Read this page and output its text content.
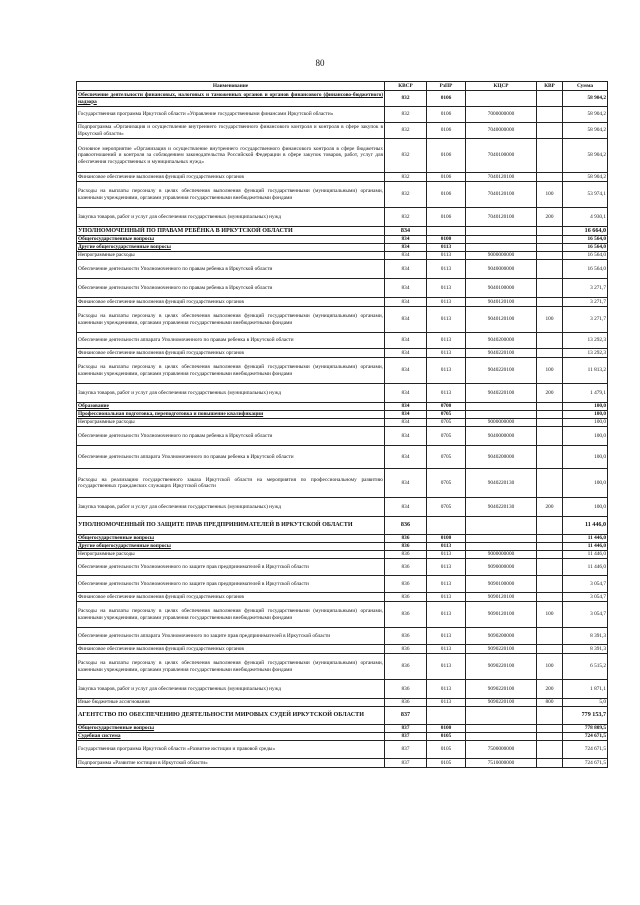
80
Наименование	КВСР	РзПР	КЦСР	КВР	Сумма
Обеспечение деятельности финансовых, налоговых и таможенных органов и органов финансового (финансово-бюджетного) надзора	832	0106			58 904,2
Государственная программа Иркутской области «Управление государственными финансами Иркутской области»	832	0106	7000000000		58 904,2
Подпрограмма «Организация и осуществление внутреннего государственного финансового контроля и контроля в сфере закупок в Иркутской области»	832	0106	7040000000		58 904,2
Основное мероприятие «Организация и осуществление внутреннего государственного финансового контроля в сфере бюджетных правоотношений и контроля за соблюдением законодательства Российской Федерации в сфере закупок товаров, работ, услуг для обеспечения государственных и муниципальных нужд»	832	0106	7040100000		58 904,2
Финансовое обеспечение выполнения функций государственных органов	832	0106	7040120100		58 904,2
Расходы на выплаты персоналу в целях обеспечения выполнения функций государственными (муниципальными) органами, казенными учреждениями, органами управления государственными внебюджетными фондами	832	0106	7040120100	100	53 974,1
Закупка товаров, работ и услуг для обеспечения государственных (муниципальных) нужд	832	0106	7040120100	200	4 930,1
УПОЛНОМОЧЕННЫЙ ПО ПРАВАМ РЕБЁНКА В ИРКУТСКОЙ ОБЛАСТИ	834				16 664,0
Общегосударственные вопросы	834	0100			16 564,0
Другие общегосударственные вопросы	834	0113			16 564,0
Непрограммные расходы	834	0113	9000000000		16 564,0
Обеспечение деятельности Уполномоченного по правам ребенка в Иркутской области	834	0113	9040000000		16 564,0
Обеспечение деятельности Уполномоченного по правам ребенка в Иркутской области	834	0113	9040100000		3 271,7
Финансовое обеспечение выполнения функций государственных органов	834	0113	9040120100		3 271,7
Расходы на выплаты персоналу в целях обеспечения выполнения функций государственными (муниципальными) органами, казенными учреждениями, органами управления государственными внебюджетными фондами	834	0113	9040120100	100	3 271,7
Обеспечение деятельности аппарата Уполномоченного по правам ребенка в Иркутской области	834	0113	9040200000		13 292,3
Финансовое обеспечение выполнения функций государственных органов	834	0113	9040220100		13 292,3
Расходы на выплаты персоналу в целях обеспечения выполнения функций государственными (муниципальными) органами, казенными учреждениями, органами управления государственными внебюджетными фондами	834	0113	9040220100	100	11 813,2
Закупка товаров, работ и услуг для обеспечения государственных (муниципальных) нужд	834	0113	9040220100	200	1 479,1
Образование	834	0700			100,0
Профессиональная подготовка, переподготовка и повышение квалификации	834	0705			100,0
Непрограммные расходы	834	0705	9000000000		100,0
Обеспечение деятельности Уполномоченного по правам ребенка в Иркутской области	834	0705	9040000000		100,0
Обеспечение деятельности аппарата Уполномоченного по правам ребенка в Иркутской области	834	0705	9040200000		100,0
Расходы на реализацию государственного заказа Иркутской области на мероприятия по профессиональному развитию государственных гражданских служащих Иркутской области	834	0705	9040220130		100,0
Закупка товаров, работ и услуг для обеспечения государственных (муниципальных) нужд	834	0705	9040220130	200	100,0
УПОЛНОМОЧЕННЫЙ ПО ЗАЩИТЕ ПРАВ ПРЕДПРИНИМАТЕЛЕЙ В ИРКУТСКОЙ ОБЛАСТИ	836				11 446,0
Общегосударственные вопросы	836	0100			11 446,0
Другие общегосударственные вопросы	836	0113			11 446,0
Непрограммные расходы	836	0113	9000000000		11 446,0
Обеспечение деятельности Уполномоченного по защите прав предпринимателей в Иркутской области	836	0113	9090000000		11 446,0
Обеспечение деятельности Уполномоченного по защите прав предпринимателей в Иркутской области	836	0113	9090100000		3 054,7
Финансовое обеспечение выполнения функций государственных органов	836	0113	9090120100		3 054,7
Расходы на выплаты персоналу в целях обеспечения выполнения функций государственными (муниципальными) органами, казенными учреждениями, органами управления государственными внебюджетными фондами	836	0113	9090120100	100	3 054,7
Обеспечение деятельности аппарата Уполномоченного по защите прав предпринимателей в Иркутской области	836	0113	9090200000		8 391,3
Финансовое обеспечение выполнения функций государственных органов	836	0113	9090220100		8 391,3
Расходы на выплаты персоналу в целях обеспечения выполнения функций государственными (муниципальными) органами, казенными учреждениями, органами управления государственными внебюджетными фондами	836	0113	9090220100	100	6 515,2
Закупка товаров, работ и услуг для обеспечения государственных (муниципальных) нужд	836	0113	9090220100	200	1 871,1
Иные бюджетные ассигнования	836	0113	9090220100	800	5,0
АГЕНТСТВО ПО ОБЕСПЕЧЕНИЮ ДЕЯТЕЛЬНОСТИ МИРОВЫХ СУДЕЙ ИРКУТСКОЙ ОБЛАСТИ	837				779 153,7
Общегосударственные вопросы	837	0100			778 809,5
Судебная система	837	0105			724 671,5
Государственная программа Иркутской области «Развитие юстиции и правовой среды»	837	0105	7500000000		724 671,5
Подпрограмма «Развитие юстиции в Иркутской области»	837	0105	7510000000		724 671,5
